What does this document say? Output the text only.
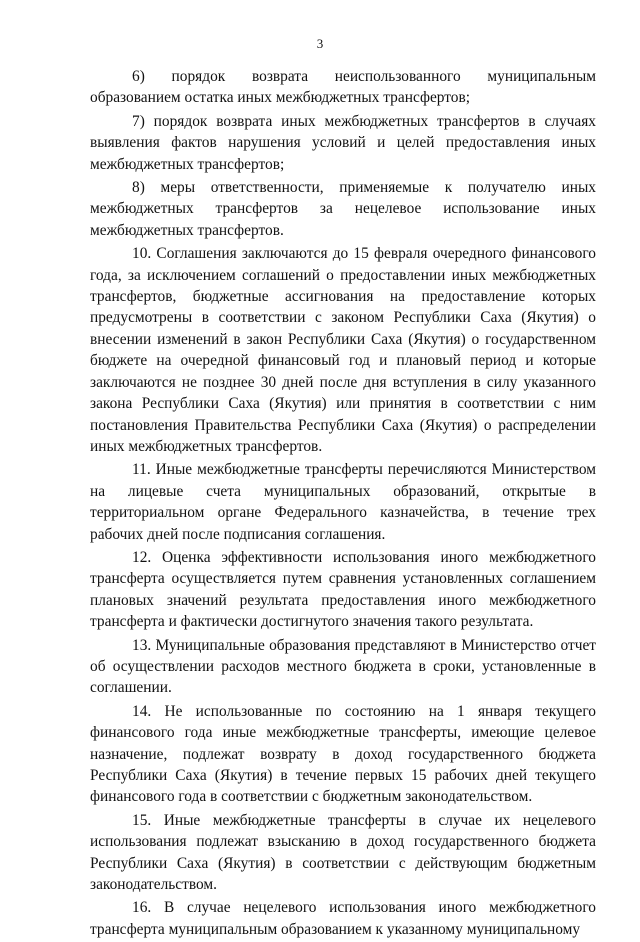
3

6) порядок возврата неиспользованного муниципальным образованием остатка иных межбюджетных трансфертов;

7) порядок возврата иных межбюджетных трансфертов в случаях выявления фактов нарушения условий и целей предоставления иных межбюджетных трансфертов;

8) меры ответственности, применяемые к получателю иных межбюджетных трансфертов за нецелевое использование иных межбюджетных трансфертов.

10. Соглашения заключаются до 15 февраля очередного финансового года, за исключением соглашений о предоставлении иных межбюджетных трансфертов, бюджетные ассигнования на предоставление которых предусмотрены в соответствии с законом Республики Саха (Якутия) о внесении изменений в закон Республики Саха (Якутия) о государственном бюджете на очередной финансовый год и плановый период и которые заключаются не позднее 30 дней после дня вступления в силу указанного закона Республики Саха (Якутия) или принятия в соответствии с ним постановления Правительства Республики Саха (Якутия) о распределении иных межбюджетных трансфертов.

11. Иные межбюджетные трансферты перечисляются Министерством на лицевые счета муниципальных образований, открытые в территориальном органе Федерального казначейства, в течение трех рабочих дней после подписания соглашения.

12. Оценка эффективности использования иного межбюджетного трансферта осуществляется путем сравнения установленных соглашением плановых значений результата предоставления иного межбюджетного трансферта и фактически достигнутого значения такого результата.

13. Муниципальные образования представляют в Министерство отчет об осуществлении расходов местного бюджета в сроки, установленные в соглашении.

14. Не использованные по состоянию на 1 января текущего финансового года иные межбюджетные трансферты, имеющие целевое назначение, подлежат возврату в доход государственного бюджета Республики Саха (Якутия) в течение первых 15 рабочих дней текущего финансового года в соответствии с бюджетным законодательством.

15. Иные межбюджетные трансферты в случае их нецелевого использования подлежат взысканию в доход государственного бюджета Республики Саха (Якутия) в соответствии с действующим бюджетным законодательством.

16. В случае нецелевого использования иного межбюджетного трансферта муниципальным образованием к указанному муниципальному
